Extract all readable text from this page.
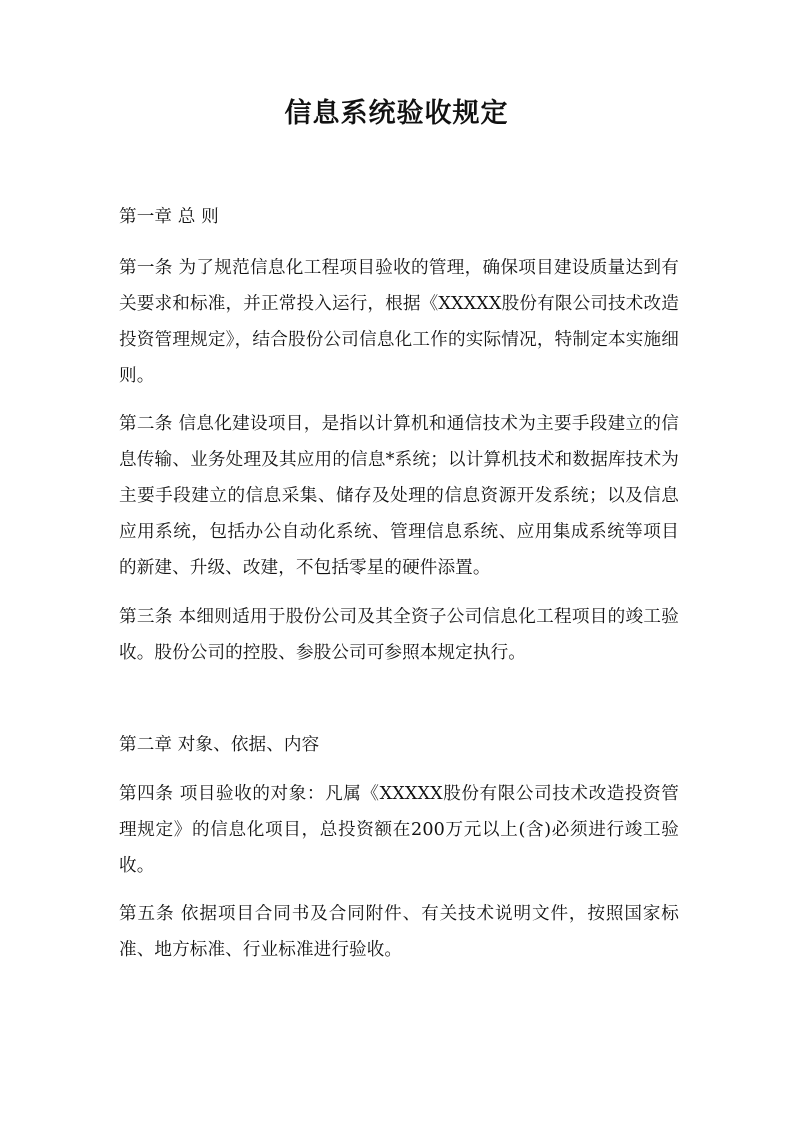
信息系统验收规定
第一章 总 则
第一条 为了规范信息化工程项目验收的管理，确保项目建设质量达到有关要求和标准，并正常投入运行，根据《XXXXX股份有限公司技术改造投资管理规定》，结合股份公司信息化工作的实际情况，特制定本实施细则。
第二条 信息化建设项目，是指以计算机和通信技术为主要手段建立的信息传输、业务处理及其应用的信息*系统；以计算机技术和数据库技术为主要手段建立的信息采集、储存及处理的信息资源开发系统；以及信息应用系统，包括办公自动化系统、管理信息系统、应用集成系统等项目的新建、升级、改建，不包括零星的硬件添置。
第三条 本细则适用于股份公司及其全资子公司信息化工程项目的竣工验收。股份公司的控股、参股公司可参照本规定执行。
第二章 对象、依据、内容
第四条 项目验收的对象：凡属《XXXXX股份有限公司技术改造投资管理规定》的信息化项目，总投资额在200万元以上(含)必须进行竣工验收。
第五条 依据项目合同书及合同附件、有关技术说明文件，按照国家标准、地方标准、行业标准进行验收。
